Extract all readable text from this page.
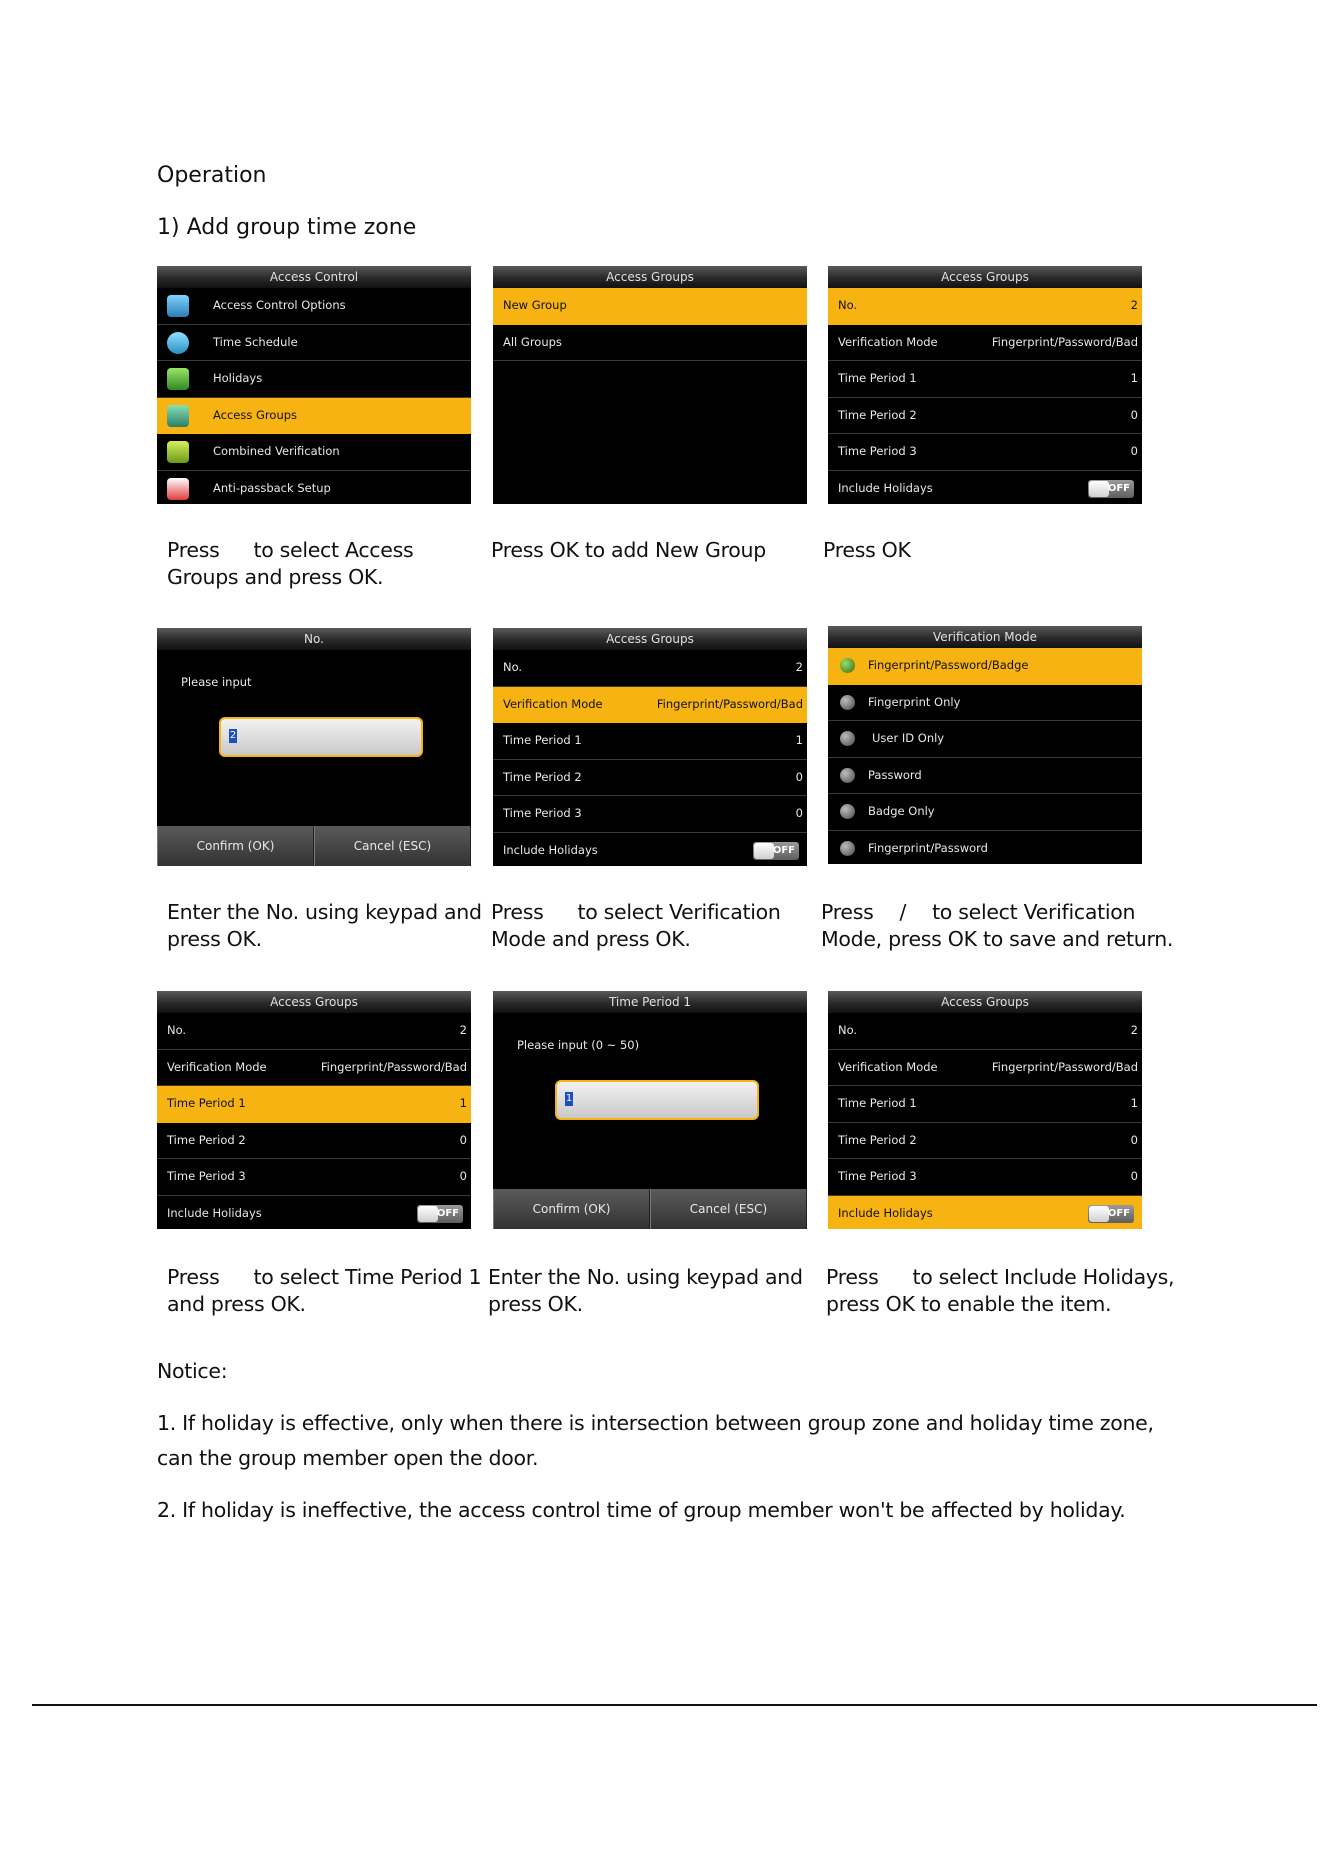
Operation
1) Add group time zone
Access Control
Access Control Options
Time Schedule
Holidays
Access Groups
Combined Verification
Anti-passback Setup
Access Groups
New Group
All Groups
Access Groups
No.	2
Verification Mode	Fingerprint/Password/Bad
Time Period 1	1
Time Period 2	0
Time Period 3	0
Include Holidays	OFF
Press to select Access
Groups and press OK.
Press OK to add New Group	Press OK
No.
Please input
2
Confirm (OK)	Cancel (ESC)
Access Groups
No.	2
Verification Mode	Fingerprint/Password/Bad
Time Period 1	1
Time Period 2	0
Time Period 3	0
Include Holidays	OFF
Verification Mode
Fingerprint/Password/Badge
Fingerprint Only
User ID Only
Password
Badge Only
Fingerprint/Password
Enter the No. using keypad and
press OK.
Press to select Verification
Mode and press OK.
Press / to select Verification
Mode, press OK to save and return.
Access Groups
No.	2
Verification Mode	Fingerprint/Password/Bad
Time Period 1	1
Time Period 2	0
Time Period 3	0
Include Holidays	OFF
Time Period 1
Please input (0 ~ 50)
1
Confirm (OK)	Cancel (ESC)
Access Groups
No.	2
Verification Mode	Fingerprint/Password/Bad
Time Period 1	1
Time Period 2	0
Time Period 3	0
Include Holidays	OFF
Press to select Time Period 1
and press OK.
Enter the No. using keypad and
press OK.
Press to select Include Holidays,
press OK to enable the item.
Notice:
1. If holiday is effective, only when there is intersection between group zone and holiday time zone, can the group member open the door.
2. If holiday is ineffective, the access control time of group member won't be affected by holiday.
